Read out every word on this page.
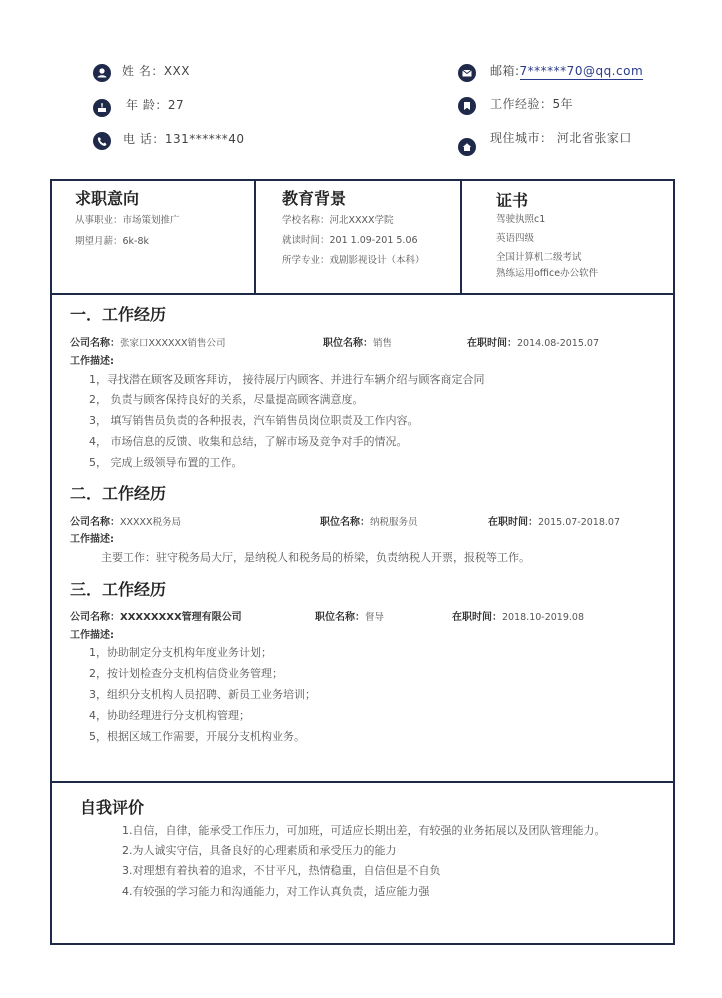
姓 名：XXX
年 龄：27
电 话：131******40
邮箱:7******70@qq.com
工作经验：5年
现住城市： 河北省张家口
求职意向
从事职业：市场策划推广
期望月薪：6k-8k
教育背景
学校名称：河北XXXX学院
就读时间：201 1.09-201 5.06
所学专业：戏剧影视设计（本科）
证书
驾驶执照c1
英语四级
全国计算机二级考试
熟练运用office办公软件
一．工作经历
公司名称：张家口XXXXXX销售公司	职位名称：销售	在职时间：2014.08-2015.07
工作描述:
1，寻找潜在顾客及顾客拜访， 接待展厅内顾客、并进行车辆介绍与顾客商定合同
2， 负责与顾客保持良好的关系，尽量提高顾客满意度。
3， 填写销售员负责的各种报表，汽车销售员岗位职责及工作内容。
4， 市场信息的反馈、收集和总结，了解市场及竞争对手的情况。
5， 完成上级领导布置的工作。
二．工作经历
公司名称：XXXXX税务局	职位名称：纳税服务员	在职时间：2015.07-2018.07
工作描述:
主要工作：驻守税务局大厅，是纳税人和税务局的桥梁，负责纳税人开票，报税等工作。
三．工作经历
公司名称：XXXXXXXX管理有限公司	职位名称：督导	在职时间：2018.10-2019.08
工作描述:
1，协助制定分支机构年度业务计划；
2，按计划检查分支机构信贷业务管理；
3，组织分支机构人员招聘、新员工业务培训；
4，协助经理进行分支机构管理；
5，根据区域工作需要，开展分支机构业务。
自我评价
1.自信，自律，能承受工作压力，可加班，可适应长期出差，有较强的业务拓展以及团队管理能力。
2.为人诚实守信，具备良好的心理素质和承受压力的能力
3.对理想有着执着的追求，不甘平凡，热情稳重，自信但是不自负
4.有较强的学习能力和沟通能力，对工作认真负责，适应能力强
